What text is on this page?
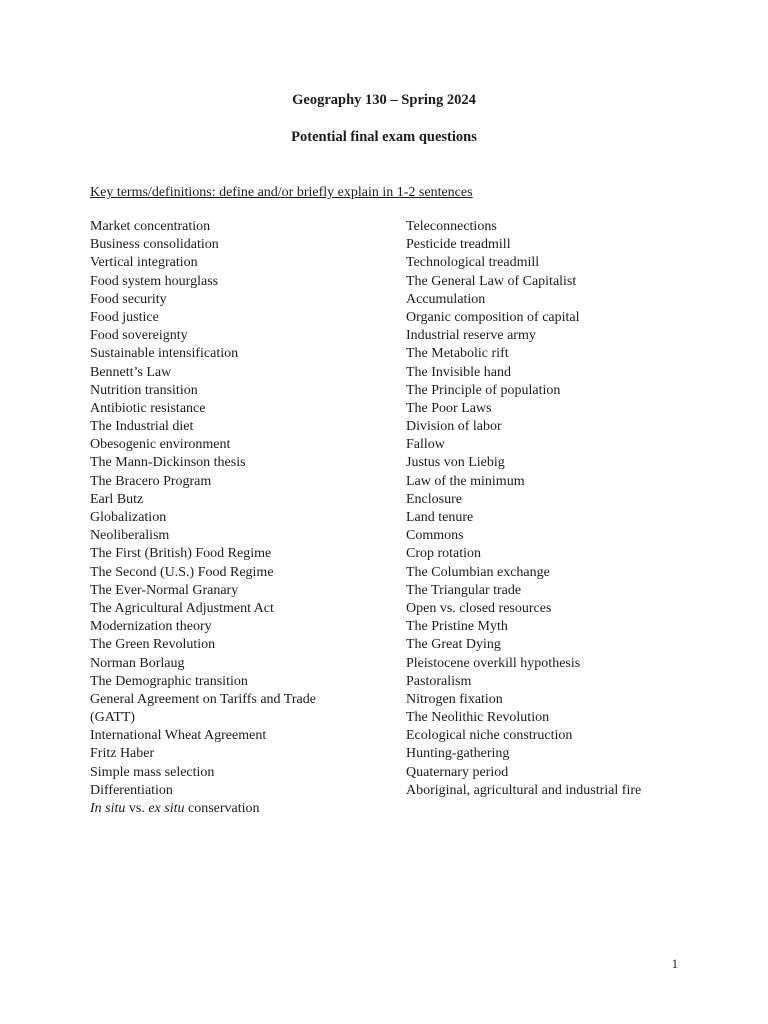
Geography 130 – Spring 2024
Potential final exam questions
Key terms/definitions: define and/or briefly explain in 1-2 sentences
Market concentration
Business consolidation
Vertical integration
Food system hourglass
Food security
Food justice
Food sovereignty
Sustainable intensification
Bennett’s Law
Nutrition transition
Antibiotic resistance
The Industrial diet
Obesogenic environment
The Mann-Dickinson thesis
The Bracero Program
Earl Butz
Globalization
Neoliberalism
The First (British) Food Regime
The Second (U.S.) Food Regime
The Ever-Normal Granary
The Agricultural Adjustment Act
Modernization theory
The Green Revolution
Norman Borlaug
The Demographic transition
General Agreement on Tariffs and Trade
(GATT)
International Wheat Agreement
Fritz Haber
Simple mass selection
Differentiation
In situ vs. ex situ conservation
Teleconnections
Pesticide treadmill
Technological treadmill
The General Law of Capitalist
Accumulation
Organic composition of capital
Industrial reserve army
The Metabolic rift
The Invisible hand
The Principle of population
The Poor Laws
Division of labor
Fallow
Justus von Liebig
Law of the minimum
Enclosure
Land tenure
Commons
Crop rotation
The Columbian exchange
The Triangular trade
Open vs. closed resources
The Pristine Myth
The Great Dying
Pleistocene overkill hypothesis
Pastoralism
Nitrogen fixation
The Neolithic Revolution
Ecological niche construction
Hunting-gathering
Quaternary period
Aboriginal, agricultural and industrial fire
1
